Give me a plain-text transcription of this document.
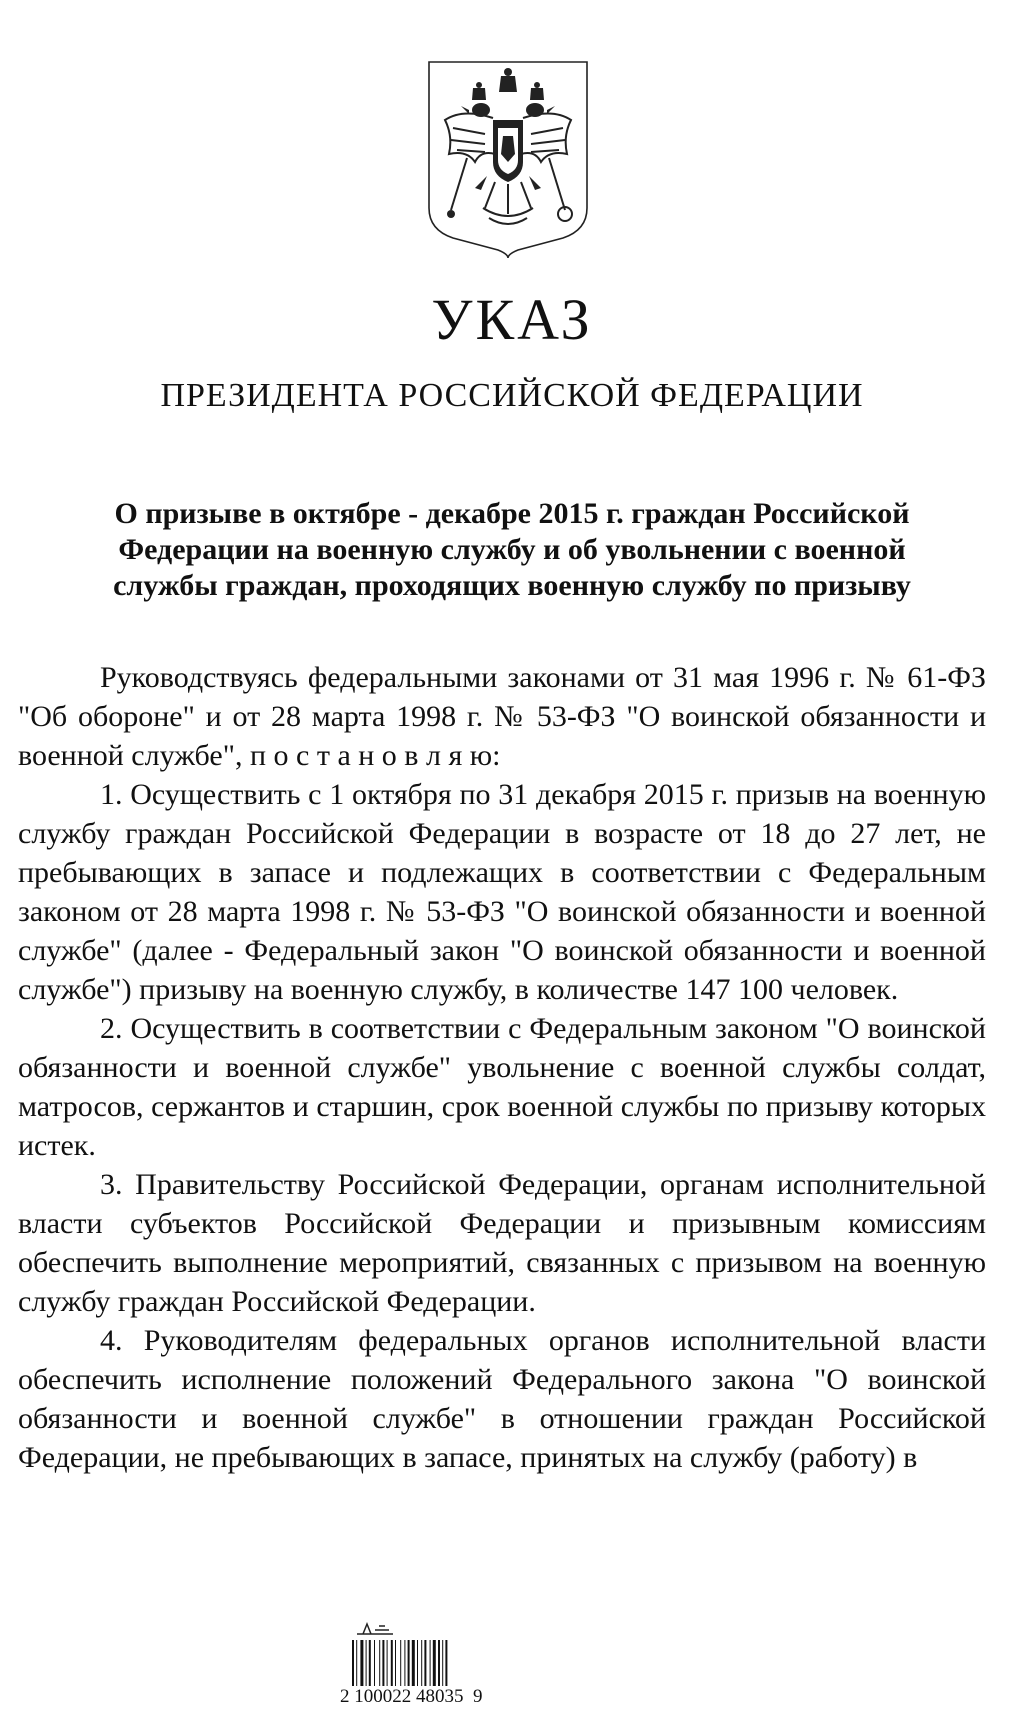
УКАЗ
ПРЕЗИДЕНТА РОССИЙСКОЙ ФЕДЕРАЦИИ
О призыве в октябре - декабре 2015 г. граждан Российской
Федерации на военную службу и об увольнении с военной
службы граждан, проходящих военную службу по призыву

Руководствуясь федеральными законами от 31 мая 1996 г. № 61-ФЗ "Об обороне" и от 28 марта 1998 г. № 53-ФЗ "О воинской обязанности и военной службе", п о с т а н о в л я ю:

1. Осуществить с 1 октября по 31 декабря 2015 г. призыв на военную службу граждан Российской Федерации в возрасте от 18 до 27 лет, не пребывающих в запасе и подлежащих в соответствии с Федеральным законом от 28 марта 1998 г. № 53-ФЗ "О воинской обязанности и военной службе" (далее - Федеральный закон "О воинской обязанности и военной службе") призыву на военную службу, в количестве 147 100 человек.

2. Осуществить в соответствии с Федеральным законом "О воинской обязанности и военной службе" увольнение с военной службы солдат, матросов, сержантов и старшин, срок военной службы по призыву которых истек.

3. Правительству Российской Федерации, органам исполнительной власти субъектов Российской Федерации и призывным комиссиям обеспечить выполнение мероприятий, связанных с призывом на военную службу граждан Российской Федерации.

4. Руководителям федеральных органов исполнительной власти обеспечить исполнение положений Федерального закона "О воинской обязанности и военной службе" в отношении граждан Российской Федерации, не пребывающих в запасе, принятых на службу (работу) в

2 100022 48035  9
